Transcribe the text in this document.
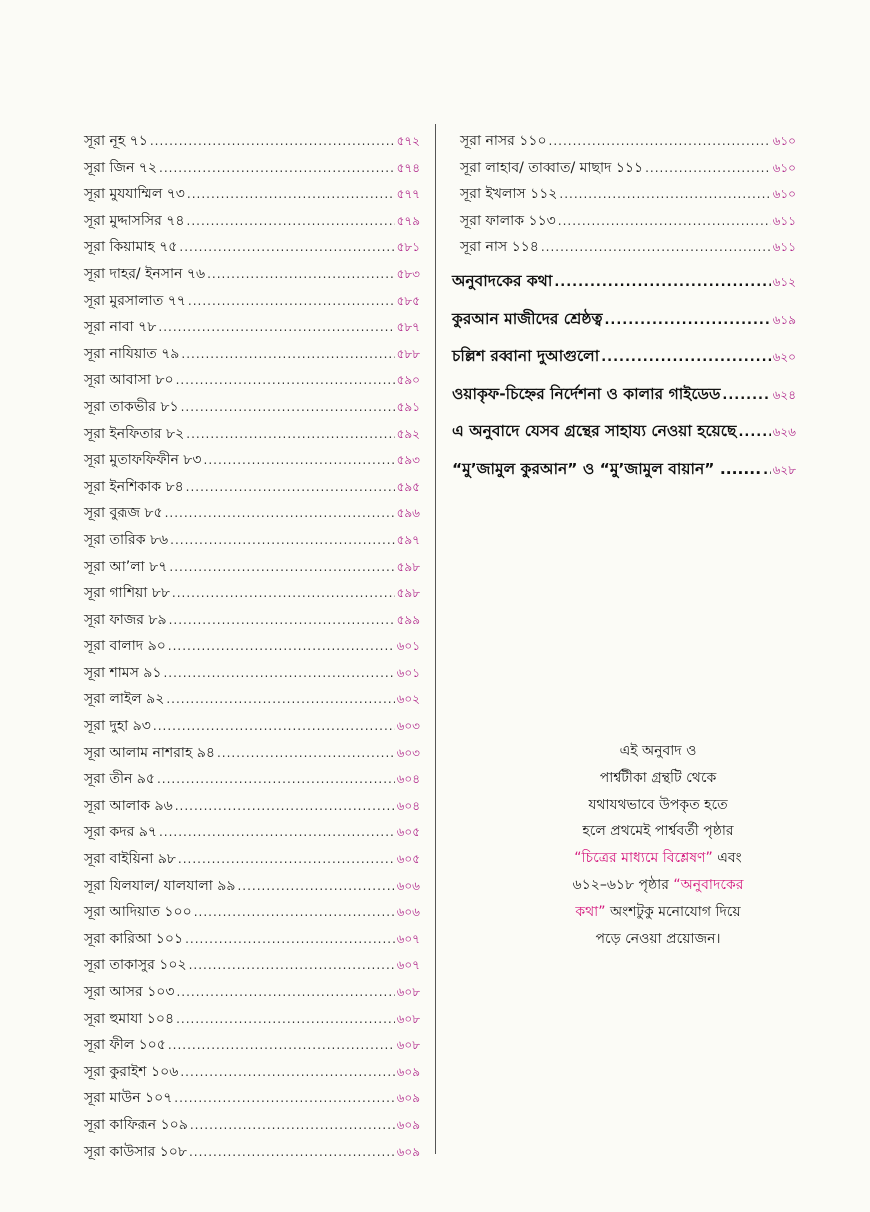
সূরা নূহ ৭১ .....	৫৭২
সূরা জিন ৭২ .....	৫৭৪
সূরা মুযযাম্মিল ৭৩ .....	৫৭৭
সূরা মুদ্দাসসির ৭৪ .....	৫৭৯
সূরা কিয়ামাহ ৭৫ .....	৫৮১
সূরা দাহর/ ইনসান ৭৬ .....	৫৮৩
সূরা মুরসালাত ৭৭ .....	৫৮৫
সূরা নাবা ৭৮ .....	৫৮৭
সূরা নাযিয়াত ৭৯ .....	৫৮৮
সূরা আবাসা ৮০ .....	৫৯০
সূরা তাকভীর ৮১ .....	৫৯১
সূরা ইনফিতার ৮২ .....	৫৯২
সূরা মুতাফফিফীন ৮৩ .....	৫৯৩
সূরা ইনশিকাক ৮৪ .....	৫৯৫
সূরা বুরূজ ৮৫ .....	৫৯৬
সূরা তারিক ৮৬ .....	৫৯৭
সূরা আ’লা ৮৭ .....	৫৯৮
সূরা গাশিয়া ৮৮ .....	৫৯৮
সূরা ফাজর ৮৯ .....	৫৯৯
সূরা বালাদ ৯০ .....	৬০১
সূরা শামস ৯১ .....	৬০১
সূরা লাইল ৯২ .....	৬০২
সূরা দুহা ৯৩ .....	৬০৩
সূরা আলাম নাশরাহ ৯৪ .....	৬০৩
সূরা তীন ৯৫ .....	৬০৪
সূরা আলাক ৯৬ .....	৬০৪
সূরা কদর ৯৭ .....	৬০৫
সূরা বাইয়িনা ৯৮ .....	৬০৫
সূরা যিলযাল/ যালযালা ৯৯ .....	৬০৬
সূরা আদিয়াত ১০০ .....	৬০৬
সূরা কারিআ ১০১ .....	৬০৭
সূরা তাকাসুর ১০২ .....	৬০৭
সূরা আসর ১০৩ .....	৬০৮
সূরা হুমাযা ১০৪ .....	৬০৮
সূরা ফীল ১০৫ .....	৬০৮
সূরা কুরাইশ ১০৬ .....	৬০৯
সূরা মাউন ১০৭ .....	৬০৯
সূরা কাফিরূন ১০৯ .....	৬০৯
সূরা কাউসার ১০৮ .....	৬০৯
সূরা নাসর ১১০ .....	৬১০
সূরা লাহাব/ তাব্বাত/ মাছাদ ১১১ .....	৬১০
সূরা ইখলাস ১১২ .....	৬১০
সূরা ফালাক ১১৩ .....	৬১১
সূরা নাস ১১৪ .....	৬১১
অনুবাদকের কথা .....	৬১২
কুরআন মাজীদের শ্রেষ্ঠত্ব .....	৬১৯
চল্লিশ রব্বানা দুআগুলো .....	৬২০
ওয়াকৃফ-চিহ্নের নির্দেশনা ও কালার গাইডেড .....	৬২৪
এ অনুবাদে যেসব গ্রন্থের সাহায্য নেওয়া হয়েছে .....	৬২৬
“মু’জামুল কুরআন” ও “মু’জামুল বায়ান” ....... ..... ৬২৮
এই অনুবাদ ও
পার্শ্বটীকা গ্রন্থটি থেকে
যথাযথভাবে উপকৃত হতে
হলে প্রথমেই পার্শ্ববর্তী পৃষ্ঠার
“চিত্রের মাধ্যমে বিশ্লেষণ” এবং
৬১২–৬১৮ পৃষ্ঠার “অনুবাদকের
কথা” অংশটুকু মনোযোগ দিয়ে
পড়ে নেওয়া প্রয়োজন।
